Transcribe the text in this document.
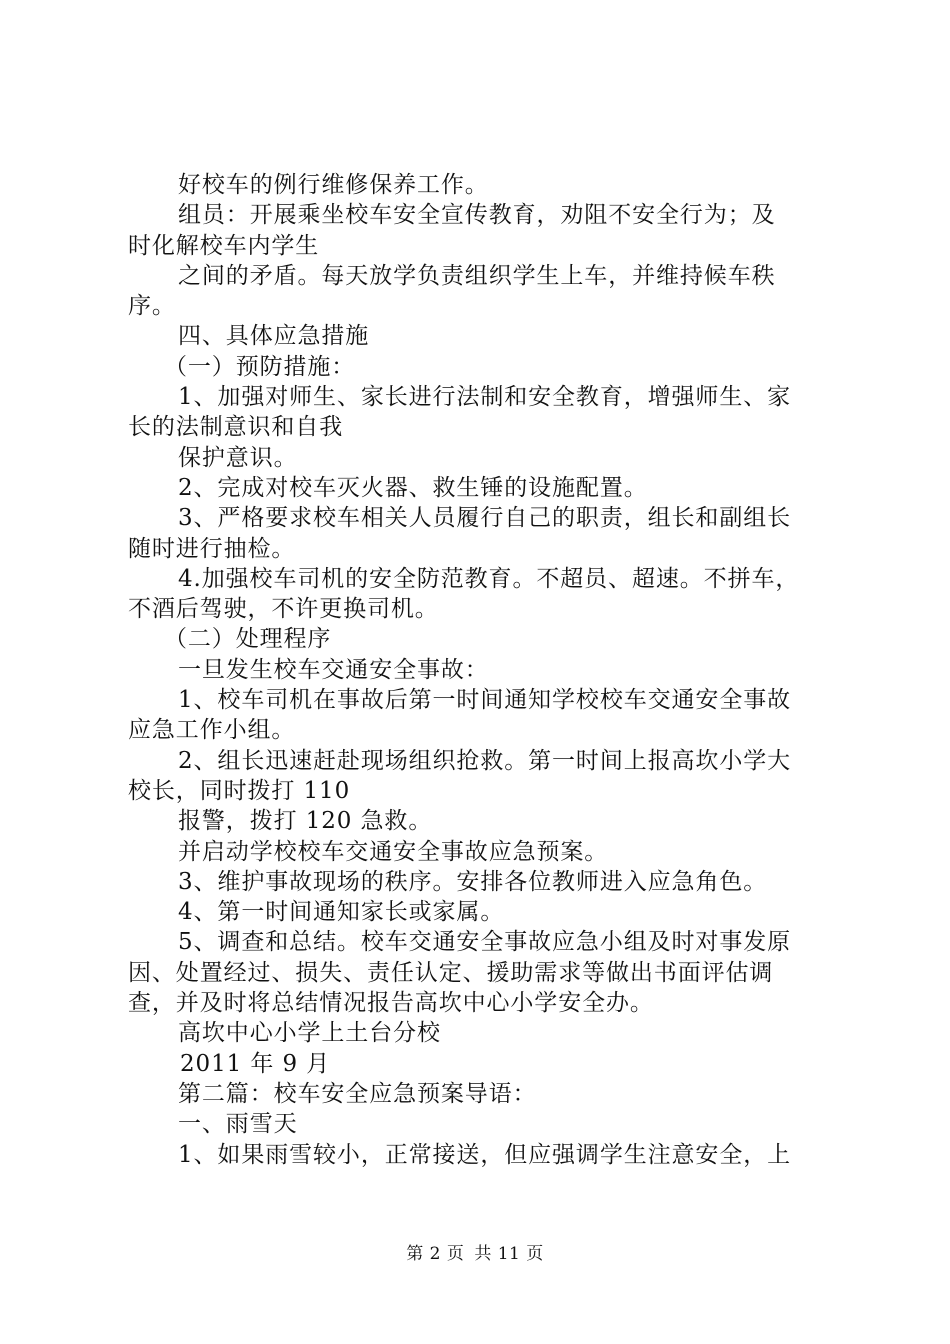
好校车的例行维修保养工作。
组员：开展乘坐校车安全宣传教育，劝阻不安全行为；及
时化解校车内学生
之间的矛盾。每天放学负责组织学生上车，并维持候车秩
序。
四、具体应急措施
（一）预防措施：
1、加强对师生、家长进行法制和安全教育，增强师生、家
长的法制意识和自我
保护意识。
2、完成对校车灭火器、救生锤的设施配置。
3、严格要求校车相关人员履行自己的职责，组长和副组长
随时进行抽检。
4.加强校车司机的安全防范教育。不超员、超速。不拼车，
不酒后驾驶，不许更换司机。
（二）处理程序
一旦发生校车交通安全事故：
1、校车司机在事故后第一时间通知学校校车交通安全事故
应急工作小组。
2、组长迅速赶赴现场组织抢救。第一时间上报高坎小学大
校长，同时拨打 110
报警，拨打 120 急救。
并启动学校校车交通安全事故应急预案。
3、维护事故现场的秩序。安排各位教师进入应急角色。
4、第一时间通知家长或家属。
5、调查和总结。校车交通安全事故应急小组及时对事发原
因、处置经过、损失、责任认定、援助需求等做出书面评估调
查，并及时将总结情况报告高坎中心小学安全办。
高坎中心小学上土台分校
2011 年 9 月
第二篇：校车安全应急预案导语：
一、雨雪天
1、如果雨雪较小，正常接送，但应强调学生注意安全，上
第 2 页 共 11 页
